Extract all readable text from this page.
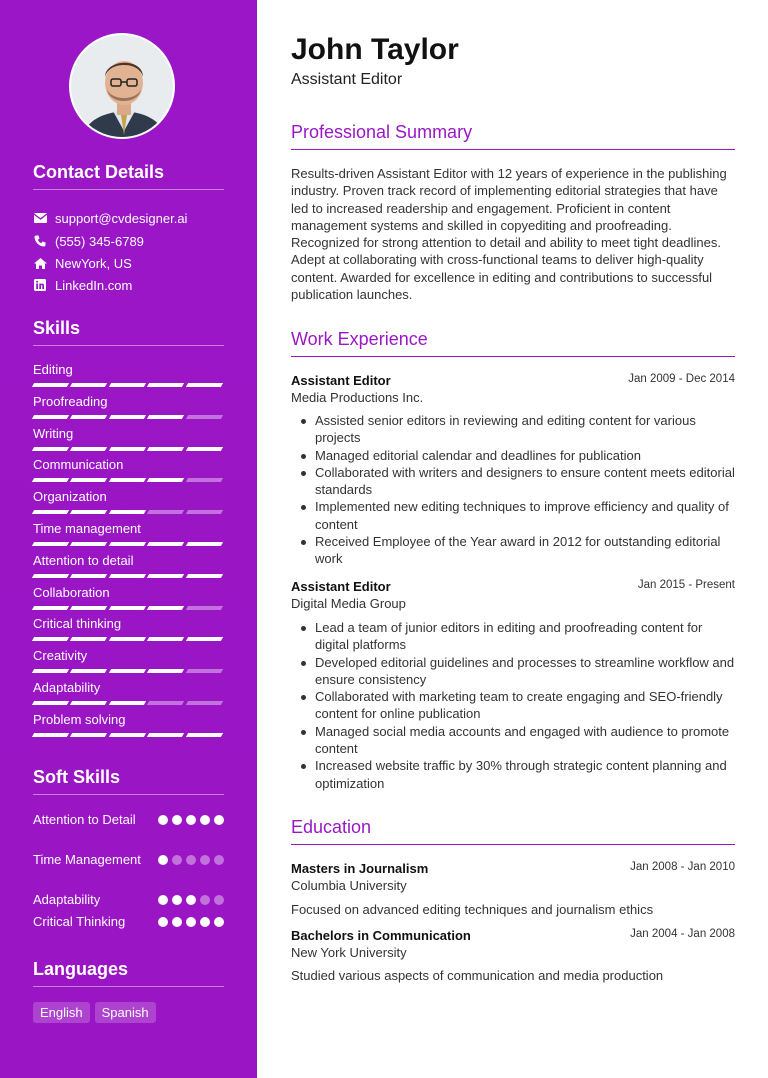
Contact Details
support@cvdesigner.ai
(555) 345-6789
NewYork, US
LinkedIn.com
Skills
Editing
Proofreading
Writing
Communication
Organization
Time management
Attention to detail
Collaboration
Critical thinking
Creativity
Adaptability
Problem solving
Soft Skills
Attention to Detail
Time Management
Adaptability
Critical Thinking
Languages
English	Spanish
John Taylor
Assistant Editor
Professional Summary
Results-driven Assistant Editor with 12 years of experience in the publishing industry. Proven track record of implementing editorial strategies that have led to increased readership and engagement. Proficient in content management systems and skilled in copyediting and proofreading. Recognized for strong attention to detail and ability to meet tight deadlines. Adept at collaborating with cross-functional teams to deliver high-quality content. Awarded for excellence in editing and contributions to successful publication launches.
Work Experience
Assistant Editor	Jan 2009 - Dec 2014
Media Productions Inc.
Assisted senior editors in reviewing and editing content for various projects
Managed editorial calendar and deadlines for publication
Collaborated with writers and designers to ensure content meets editorial standards
Implemented new editing techniques to improve efficiency and quality of content
Received Employee of the Year award in 2012 for outstanding editorial work
Assistant Editor	Jan 2015 - Present
Digital Media Group
Lead a team of junior editors in editing and proofreading content for digital platforms
Developed editorial guidelines and processes to streamline workflow and ensure consistency
Collaborated with marketing team to create engaging and SEO-friendly content for online publication
Managed social media accounts and engaged with audience to promote content
Increased website traffic by 30% through strategic content planning and optimization
Education
Masters in Journalism	Jan 2008 - Jan 2010
Columbia University
Focused on advanced editing techniques and journalism ethics
Bachelors in Communication	Jan 2004 - Jan 2008
New York University
Studied various aspects of communication and media production
